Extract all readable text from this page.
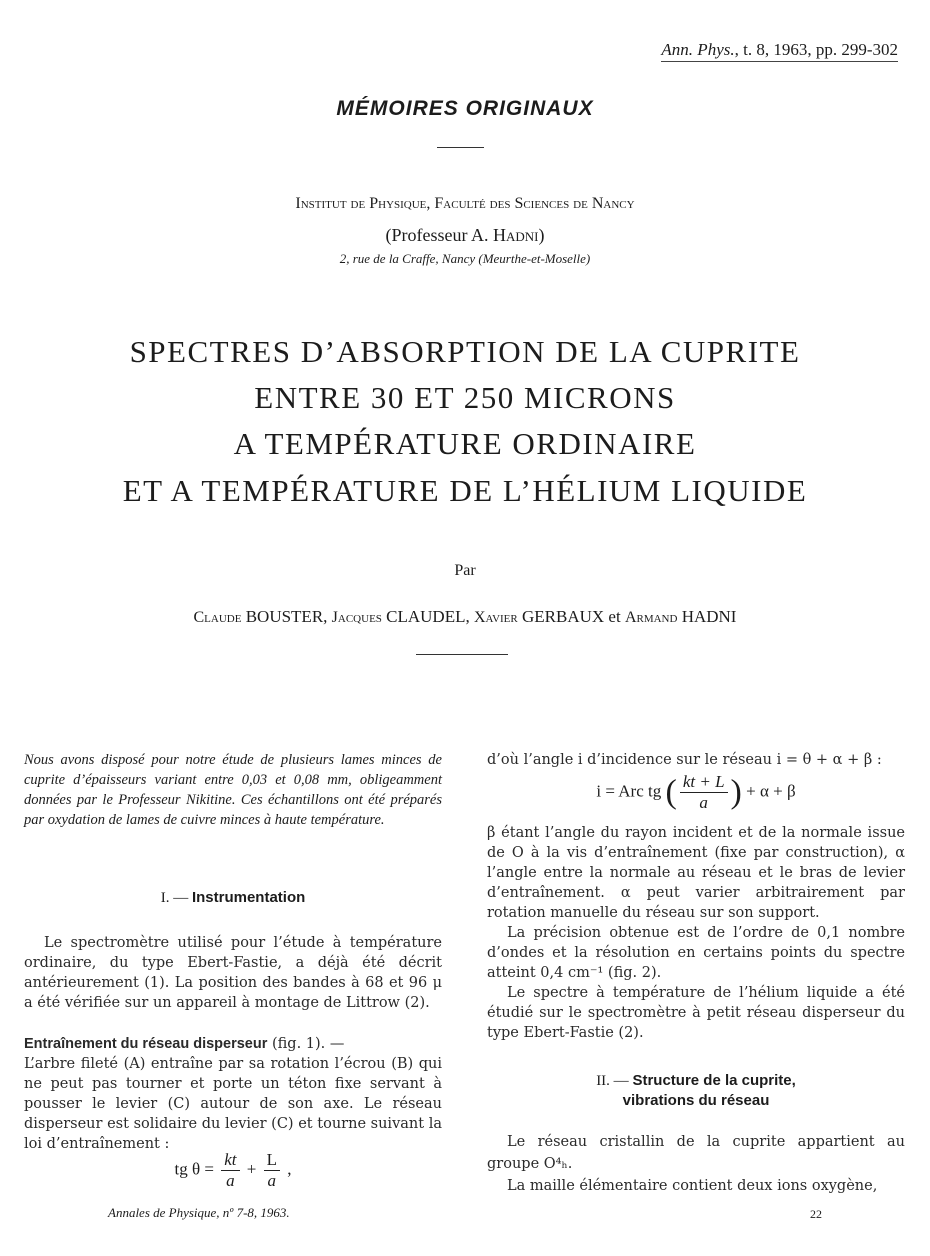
Ann. Phys., t. 8, 1963, pp. 299-302
MÉMOIRES ORIGINAUX
Institut de Physique, Faculté des Sciences de Nancy
(Professeur A. Hadni)
2, rue de la Craffe, Nancy (Meurthe-et-Moselle)
SPECTRES D’ABSORPTION DE LA CUPRITE
ENTRE 30 ET 250 MICRONS
A TEMPÉRATURE ORDINAIRE
ET A TEMPÉRATURE DE L’HÉLIUM LIQUIDE
Par
Claude BOUSTER, Jacques CLAUDEL, Xavier GERBAUX et Armand HADNI
Nous avons disposé pour notre étude de plusieurs lames minces de cuprite d’épaisseurs variant entre 0,03 et 0,08 mm, obligeamment données par le Professeur Nikitine. Ces échantillons ont été préparés par oxydation de lames de cuivre minces à haute température.
I. — Instrumentation

Le spectromètre utilisé pour l’étude à température ordinaire, du type Ebert-Fastie, a déjà été décrit antérieurement (1). La position des bandes à 68 et 96 μ a été vérifiée sur un appareil à montage de Littrow (2).

Entraînement du réseau disperseur (fig. 1). —

L’arbre fileté (A) entraîne par sa rotation l’écrou (B) qui ne peut pas tourner et porte un téton fixe servant à pousser le levier (C) autour de son axe. Le réseau disperseur est solidaire du levier (C) et tourne suivant la loi d’entraînement :

tg $\theta = \frac{kt}{a} + \frac{L}{a}$ ,

d’où l’angle i d’incidence sur le réseau i = θ + α + β :

i = Arc tg ( $\frac{kt + L}{a}$ ) + α + β

β étant l’angle du rayon incident et de la normale issue de O à la vis d’entraînement (fixe par construction), α l’angle entre la normale au réseau et le bras de levier d’entraînement. α peut varier arbitrairement par rotation manuelle du réseau sur son support.

La précision obtenue est de l’ordre de 0,1 nombre d’ondes et la résolution en certains points du spectre atteint 0,4 cm⁻¹ (fig. 2).

Le spectre à température de l’hélium liquide a été étudié sur le spectromètre à petit réseau disperseur du type Ebert-Fastie (2).

II. — Structure de la cuprite,
vibrations du réseau

Le réseau cristallin de la cuprite appartient au groupe O⁴ₕ.

La maille élémentaire contient deux ions oxygène,

Annales de Physique, nº 7-8, 1963.	22
